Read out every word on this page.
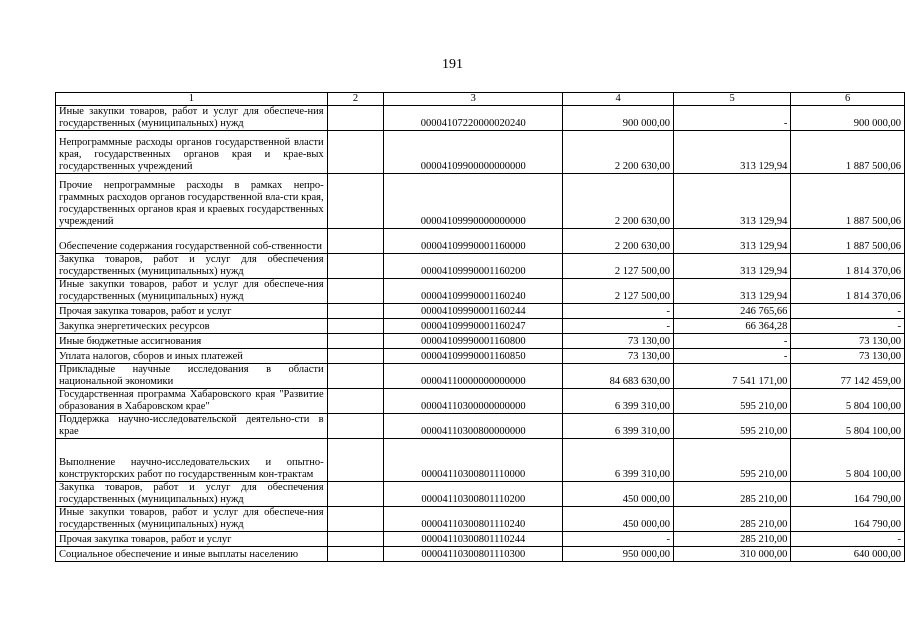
191
1	2	3	4	5	6
Иные закупки товаров, работ и услуг для обеспече-ния государственных (муниципальных) нужд		00004107220000020240	900 000,00	-	900 000,00
Непрограммные расходы органов государственной власти края, государственных органов края и крае-вых государственных учреждений		00004109900000000000	2 200 630,00	313 129,94	1 887 500,06
Прочие непрограммные расходы в рамках непро-граммных расходов органов государственной вла-сти края, государственных органов края и краевых государственных учреждений		00004109990000000000	2 200 630,00	313 129,94	1 887 500,06
Обеспечение содержания государственной соб-ственности		00004109990001160000	2 200 630,00	313 129,94	1 887 500,06
Закупка товаров, работ и услуг для обеспечения государственных (муниципальных) нужд		00004109990001160200	2 127 500,00	313 129,94	1 814 370,06
Иные закупки товаров, работ и услуг для обеспече-ния государственных (муниципальных) нужд		00004109990001160240	2 127 500,00	313 129,94	1 814 370,06
Прочая закупка товаров, работ и услуг		00004109990001160244	-	246 765,66	-
Закупка энергетических ресурсов		00004109990001160247	-	66 364,28	-
Иные бюджетные ассигнования		00004109990001160800	73 130,00	-	73 130,00
Уплата налогов, сборов и иных платежей		00004109990001160850	73 130,00	-	73 130,00
Прикладные научные исследования в области национальной экономики		00004110000000000000	84 683 630,00	7 541 171,00	77 142 459,00
Государственная программа Хабаровского края "Развитие образования в Хабаровском крае"		00004110300000000000	6 399 310,00	595 210,00	5 804 100,00
Поддержка научно-исследовательской деятельно-сти в крае		00004110300800000000	6 399 310,00	595 210,00	5 804 100,00
Выполнение научно-исследовательских и опытно-конструкторских работ по государственным кон-трактам		00004110300801110000	6 399 310,00	595 210,00	5 804 100,00
Закупка товаров, работ и услуг для обеспечения государственных (муниципальных) нужд		00004110300801110200	450 000,00	285 210,00	164 790,00
Иные закупки товаров, работ и услуг для обеспече-ния государственных (муниципальных) нужд		00004110300801110240	450 000,00	285 210,00	164 790,00
Прочая закупка товаров, работ и услуг		00004110300801110244	-	285 210,00	-
Социальное обеспечение и иные выплаты населению		00004110300801110300	950 000,00	310 000,00	640 000,00
